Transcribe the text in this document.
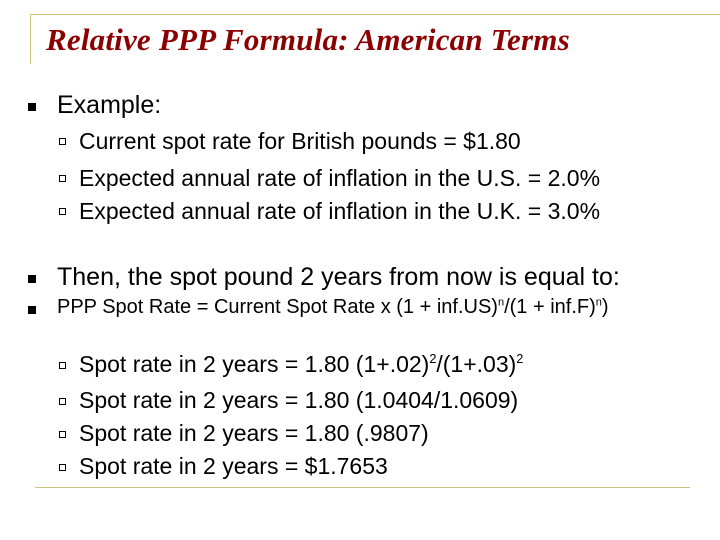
Relative PPP Formula: American Terms
Example:
Current spot rate for British pounds = $1.80
Expected annual rate of inflation in the U.S. = 2.0%
Expected annual rate of inflation in the U.K. = 3.0%
Then, the spot pound 2 years from now is equal to:
PPP Spot Rate = Current Spot Rate x $(1 + inf.US)^n/(1 + inf.F)^n$)
Spot rate in 2 years = 1.80 $(1+.02)^2/(1+.03)^2$
Spot rate in 2 years = 1.80 (1.0404/1.0609)
Spot rate in 2 years = 1.80 (.9807)
Spot rate in 2 years = $1.7653
